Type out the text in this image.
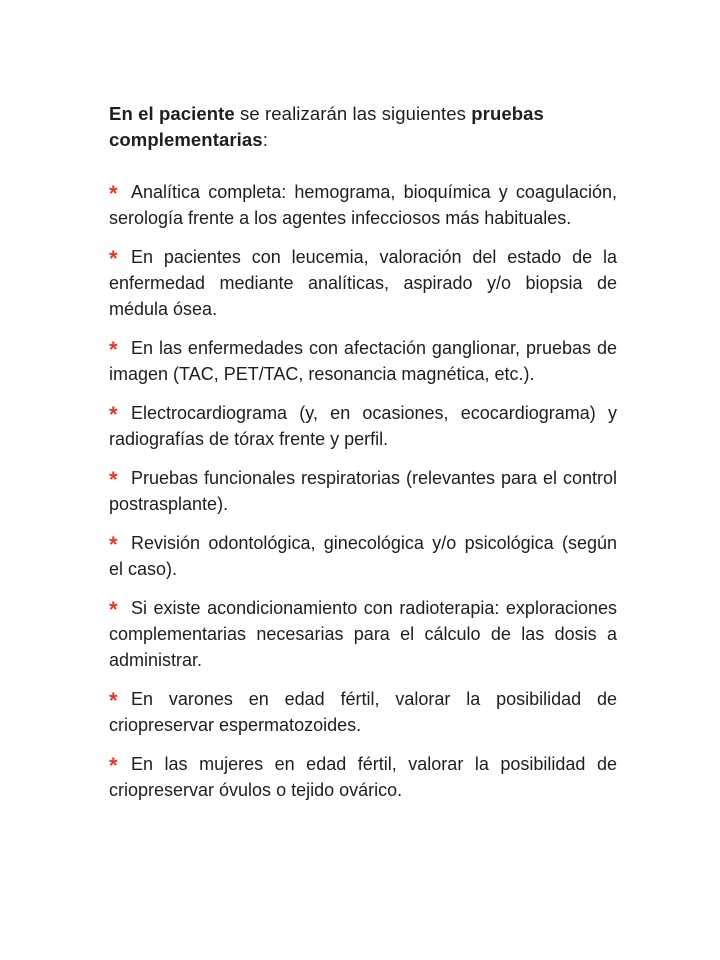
En el paciente se realizarán las siguientes pruebas complementarias:

* Analítica completa: hemograma, bioquímica y coagulación, serología frente a los agentes infecciosos más habituales.
* En pacientes con leucemia, valoración del estado de la enfermedad mediante analíticas, aspirado y/o biopsia de médula ósea.
* En las enfermedades con afectación ganglionar, pruebas de imagen (TAC, PET/TAC, resonancia magnética, etc.).
* Electrocardiograma (y, en ocasiones, ecocardiograma) y radiografías de tórax frente y perfil.
* Pruebas funcionales respiratorias (relevantes para el control postrasplante).
* Revisión odontológica, ginecológica y/o psicológica (según el caso).
* Si existe acondicionamiento con radioterapia: exploraciones complementarias necesarias para el cálculo de las dosis a administrar.
* En varones en edad fértil, valorar la posibilidad de criopreservar espermatozoides.
* En las mujeres en edad fértil, valorar la posibilidad de criopreservar óvulos o tejido ovárico.
